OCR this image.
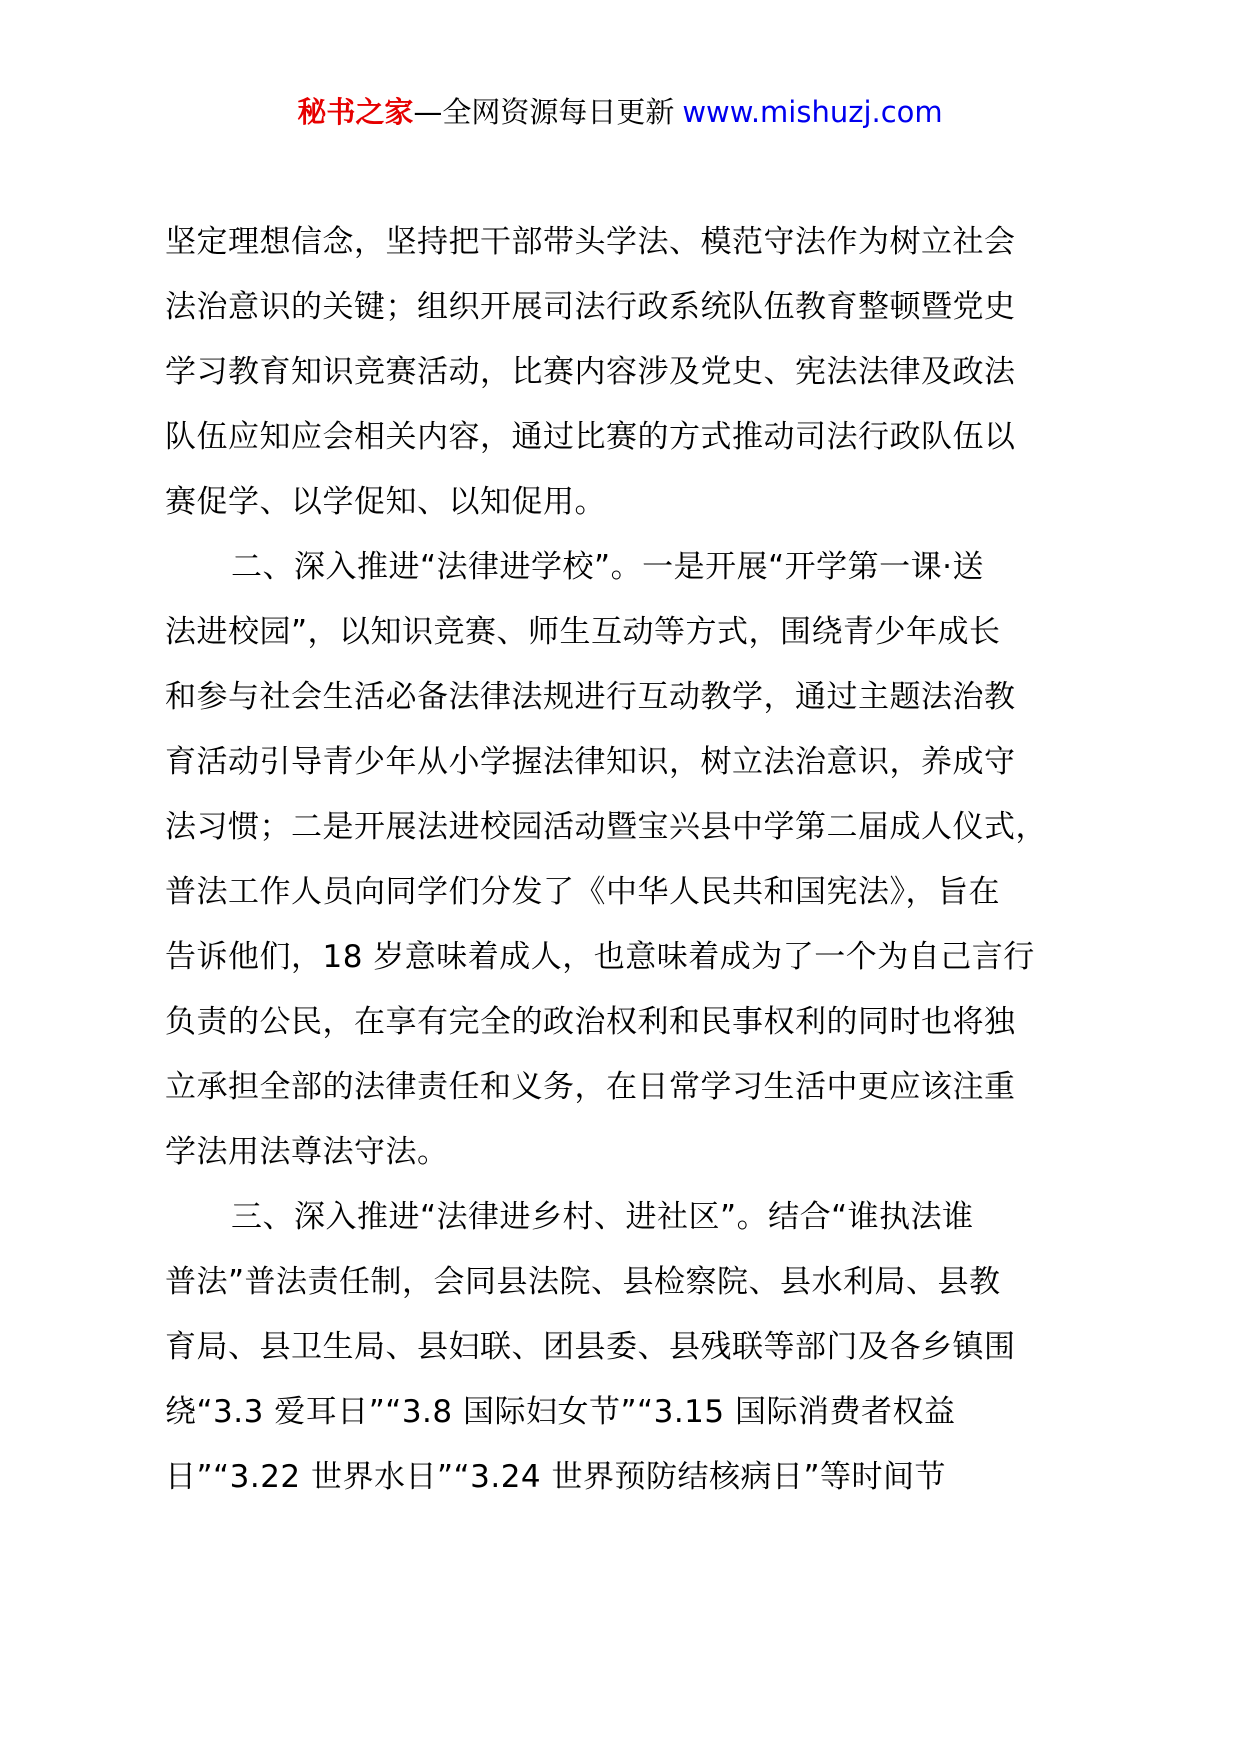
秘书之家—全网资源每日更新 www.mishuzj.com
坚定理想信念，坚持把干部带头学法、模范守法作为树立社会
法治意识的关键；组织开展司法行政系统队伍教育整顿暨党史
学习教育知识竞赛活动，比赛内容涉及党史、宪法法律及政法
队伍应知应会相关内容，通过比赛的方式推动司法行政队伍以
赛促学、以学促知、以知促用。
二、深入推进“法律进学校”。一是开展“开学第一课·送
法进校园”，以知识竞赛、师生互动等方式，围绕青少年成长
和参与社会生活必备法律法规进行互动教学，通过主题法治教
育活动引导青少年从小学握法律知识，树立法治意识，养成守
法习惯；二是开展法进校园活动暨宝兴县中学第二届成人仪式，
普法工作人员向同学们分发了《中华人民共和国宪法》，旨在
告诉他们，18 岁意味着成人，也意味着成为了一个为自己言行
负责的公民，在享有完全的政治权利和民事权利的同时也将独
立承担全部的法律责任和义务，在日常学习生活中更应该注重
学法用法尊法守法。
三、深入推进“法律进乡村、进社区”。结合“谁执法谁
普法”普法责任制，会同县法院、县检察院、县水利局、县教
育局、县卫生局、县妇联、团县委、县残联等部门及各乡镇围
绕“3.3 爱耳日”“3.8 国际妇女节”“3.15 国际消费者权益
日”“3.22 世界水日”“3.24 世界预防结核病日”等时间节
